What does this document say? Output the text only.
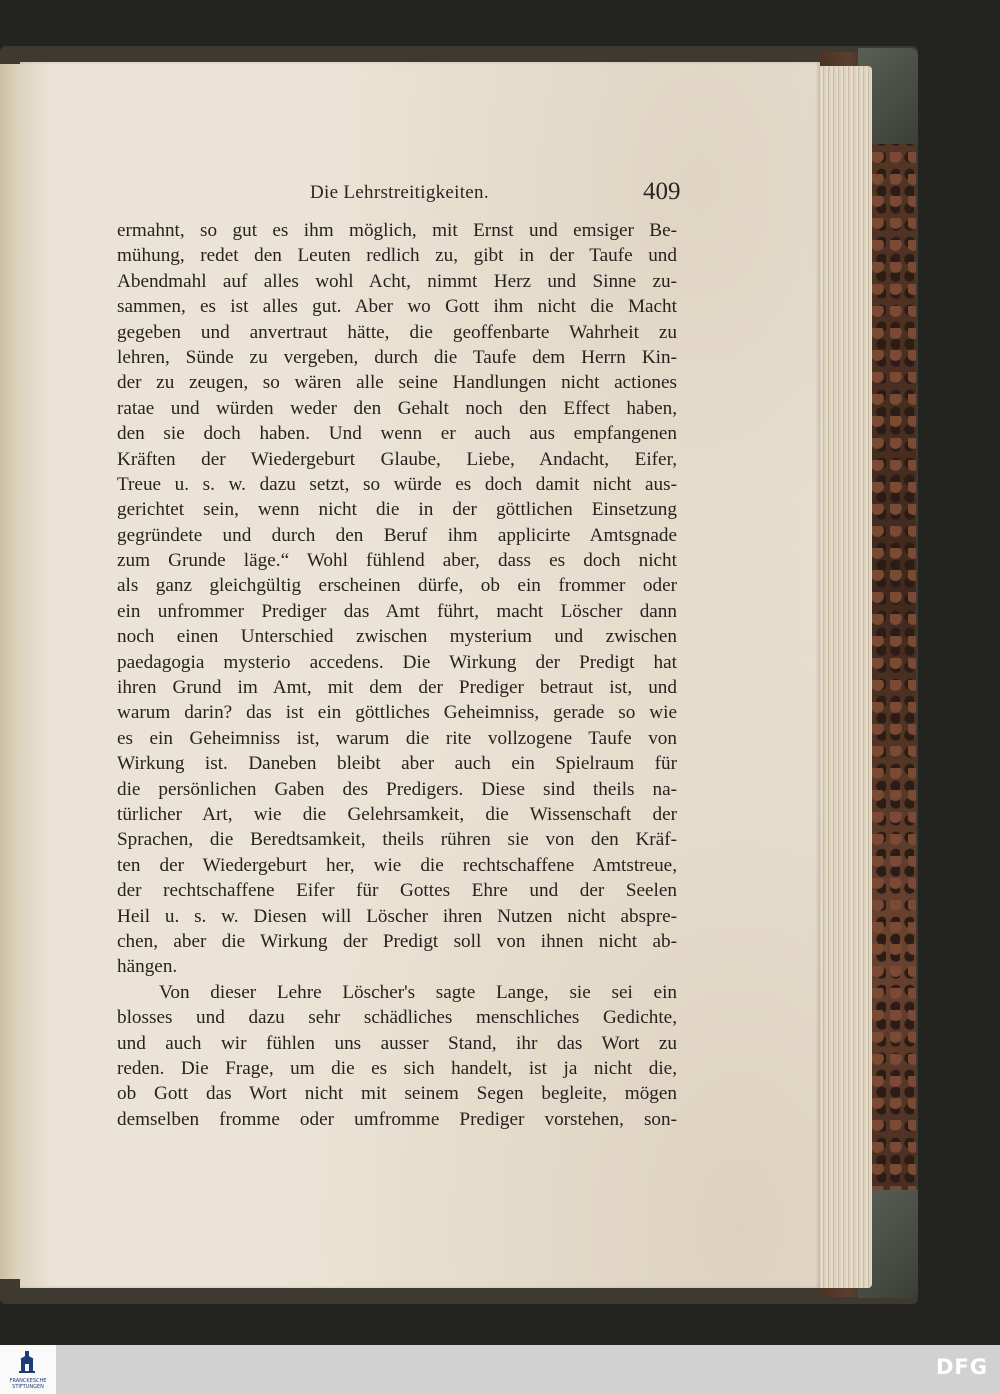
Die Lehrstreitigkeiten.	409
ermahnt, so gut es ihm möglich, mit Ernst und emsiger Be-
mühung, redet den Leuten redlich zu, gibt in der Taufe und
Abendmahl auf alles wohl Acht, nimmt Herz und Sinne zu-
sammen, es ist alles gut. Aber wo Gott ihm nicht die Macht
gegeben und anvertraut hätte, die geoffenbarte Wahrheit zu
lehren, Sünde zu vergeben, durch die Taufe dem Herrn Kin-
der zu zeugen, so wären alle seine Handlungen nicht actiones
ratae und würden weder den Gehalt noch den Effect haben,
den sie doch haben. Und wenn er auch aus empfangenen
Kräften der Wiedergeburt Glaube, Liebe, Andacht, Eifer,
Treue u. s. w. dazu setzt, so würde es doch damit nicht aus-
gerichtet sein, wenn nicht die in der göttlichen Einsetzung
gegründete und durch den Beruf ihm applicirte Amtsgnade
zum Grunde läge.“ Wohl fühlend aber, dass es doch nicht
als ganz gleichgültig erscheinen dürfe, ob ein frommer oder
ein unfrommer Prediger das Amt führt, macht Löscher dann
noch einen Unterschied zwischen mysterium und zwischen
paedagogia mysterio accedens. Die Wirkung der Predigt hat
ihren Grund im Amt, mit dem der Prediger betraut ist, und
warum darin? das ist ein göttliches Geheimniss, gerade so wie
es ein Geheimniss ist, warum die rite vollzogene Taufe von
Wirkung ist. Daneben bleibt aber auch ein Spielraum für
die persönlichen Gaben des Predigers. Diese sind theils na-
türlicher Art, wie die Gelehrsamkeit, die Wissenschaft der
Sprachen, die Beredtsamkeit, theils rühren sie von den Kräf-
ten der Wiedergeburt her, wie die rechtschaffene Amtstreue,
der rechtschaffene Eifer für Gottes Ehre und der Seelen
Heil u. s. w. Diesen will Löscher ihren Nutzen nicht abspre-
chen, aber die Wirkung der Predigt soll von ihnen nicht ab-
hängen.
Von dieser Lehre Löscher's sagte Lange, sie sei ein
blosses und dazu sehr schädliches menschliches Gedichte,
und auch wir fühlen uns ausser Stand, ihr das Wort zu
reden. Die Frage, um die es sich handelt, ist ja nicht die,
ob Gott das Wort nicht mit seinem Segen begleite, mögen
demselben fromme oder umfromme Prediger vorstehen, son-
FRANCKESCHE STIFTUNGEN
DFG
